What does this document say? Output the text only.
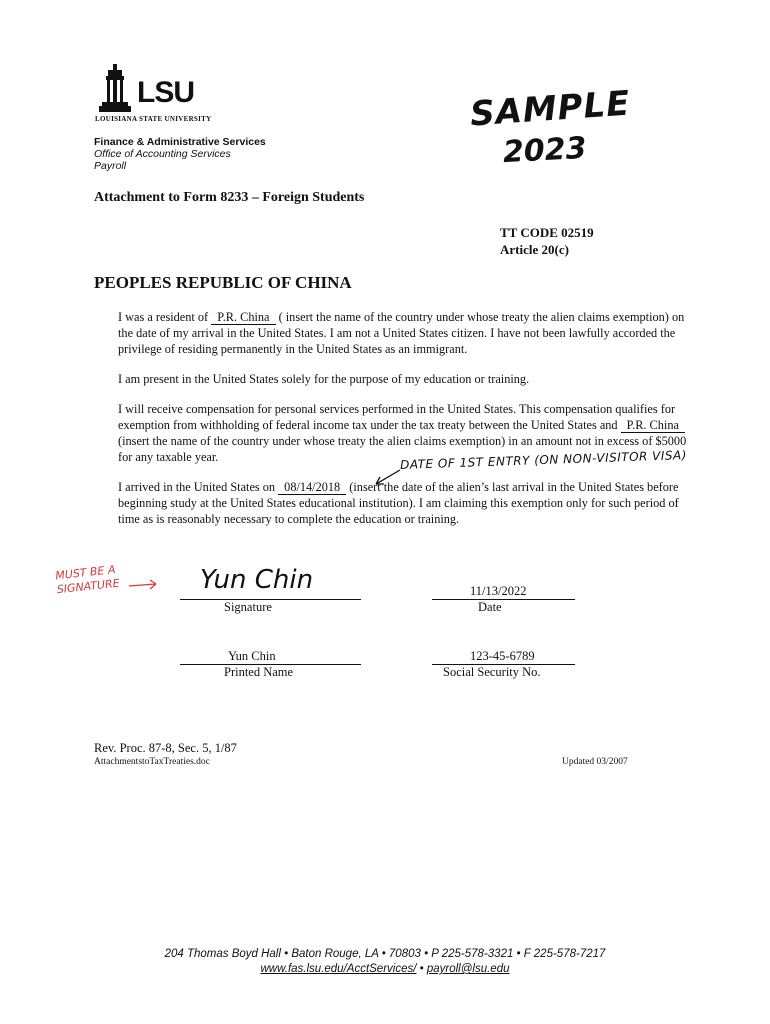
LSU
LOUISIANA STATE UNIVERSITY
Finance & Administrative Services
Office of Accounting Services
Payroll
SAMPLE
2023
Attachment to Form 8233 – Foreign Students
TT CODE 02519
Article 20(c)
PEOPLES REPUBLIC OF CHINA
I was a resident of P.R. China ( insert the name of the country under whose treaty the alien claims exemption) on the date of my arrival in the United States. I am not a United States citizen. I have not been lawfully accorded the privilege of residing permanently in the United States as an immigrant.
I am present in the United States solely for the purpose of my education or training.
I will receive compensation for personal services performed in the United States. This compensation qualifies for exemption from withholding of federal income tax under the tax treaty between the United States and P.R. China (insert the name of the country under whose treaty the alien claims exemption) in an amount not in excess of $5000 for any taxable year.	DATE OF 1ST ENTRY (ON NON-VISITOR VISA)
I arrived in the United States on 08/14/2018 (insert the date of the alien’s last arrival in the United States before beginning study at the United States educational institution). I am claiming this exemption only for such period of time as is reasonably necessary to complete the education or training.
MUST BE A
SIGNATURE	Yun Chin
Signature
11/13/2022
Date
Yun Chin
Printed Name
123-45-6789
Social Security No.
Rev. Proc. 87-8, Sec. 5, 1/87
AttachmentstoTaxTreaties.doc	Updated 03/2007
204 Thomas Boyd Hall • Baton Rouge, LA • 70803 • P 225-578-3321 • F 225-578-7217
www.fas.lsu.edu/AcctServices/ • payroll@lsu.edu
